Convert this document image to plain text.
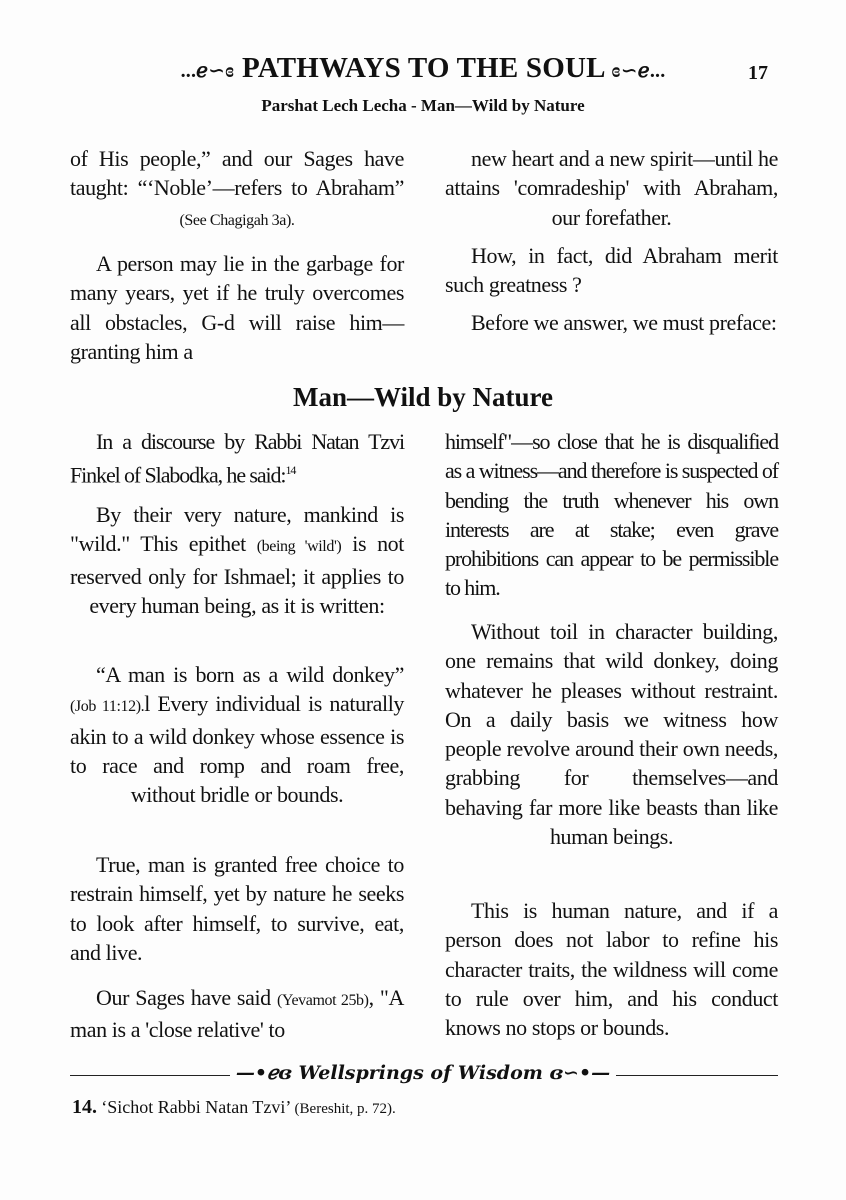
...ℯ∽ɞ PATHWAYS TO THE SOUL ɞ∽ℯ...	17
Parshat Lech Lecha - Man—Wild by Nature

of His people,” and our Sages have taught: “‘Noble’—refers to Abraham” (See Chagigah 3a).

A person may lie in the garbage for many years, yet if he truly overcomes all obstacles, G-d will raise him—granting him a

new heart and a new spirit—until he attains 'comradeship' with Abraham, our forefather.

How, in fact, did Abraham merit such greatness ?

Before we answer, we must preface:

Man—Wild by Nature

In a discourse by Rabbi Natan Tzvi Finkel of Slabodka, he said:$^{14}$

By their very nature, mankind is "wild." This epithet (being 'wild') is not reserved only for Ishmael; it applies to every human being, as it is written:

“A man is born as a wild donkey” (Job 11:12).l Every individual is naturally akin to a wild donkey whose essence is to race and romp and roam free, without bridle or bounds.

True, man is granted free choice to restrain himself, yet by nature he seeks to look after himself, to survive, eat, and live.

Our Sages have said (Yevamot 25b), "A man is a 'close relative' to

himself"—so close that he is disqualified as a witness—and therefore is suspected of bending the truth whenever his own interests are at stake; even grave prohibitions can appear to be permissible to him.

Without toil in character building, one remains that wild donkey, doing whatever he pleases without restraint. On a daily basis we witness how people revolve around their own needs, grabbing for themselves—and behaving far more like beasts than like human beings.

This is human nature, and if a person does not labor to refine his character traits, the wildness will come to rule over him, and his conduct knows no stops or bounds.

—•ℯɞ Wellsprings of Wisdom ɞ∽•—
14. ‘Sichot Rabbi Natan Tzvi’ (Bereshit, p. 72).
